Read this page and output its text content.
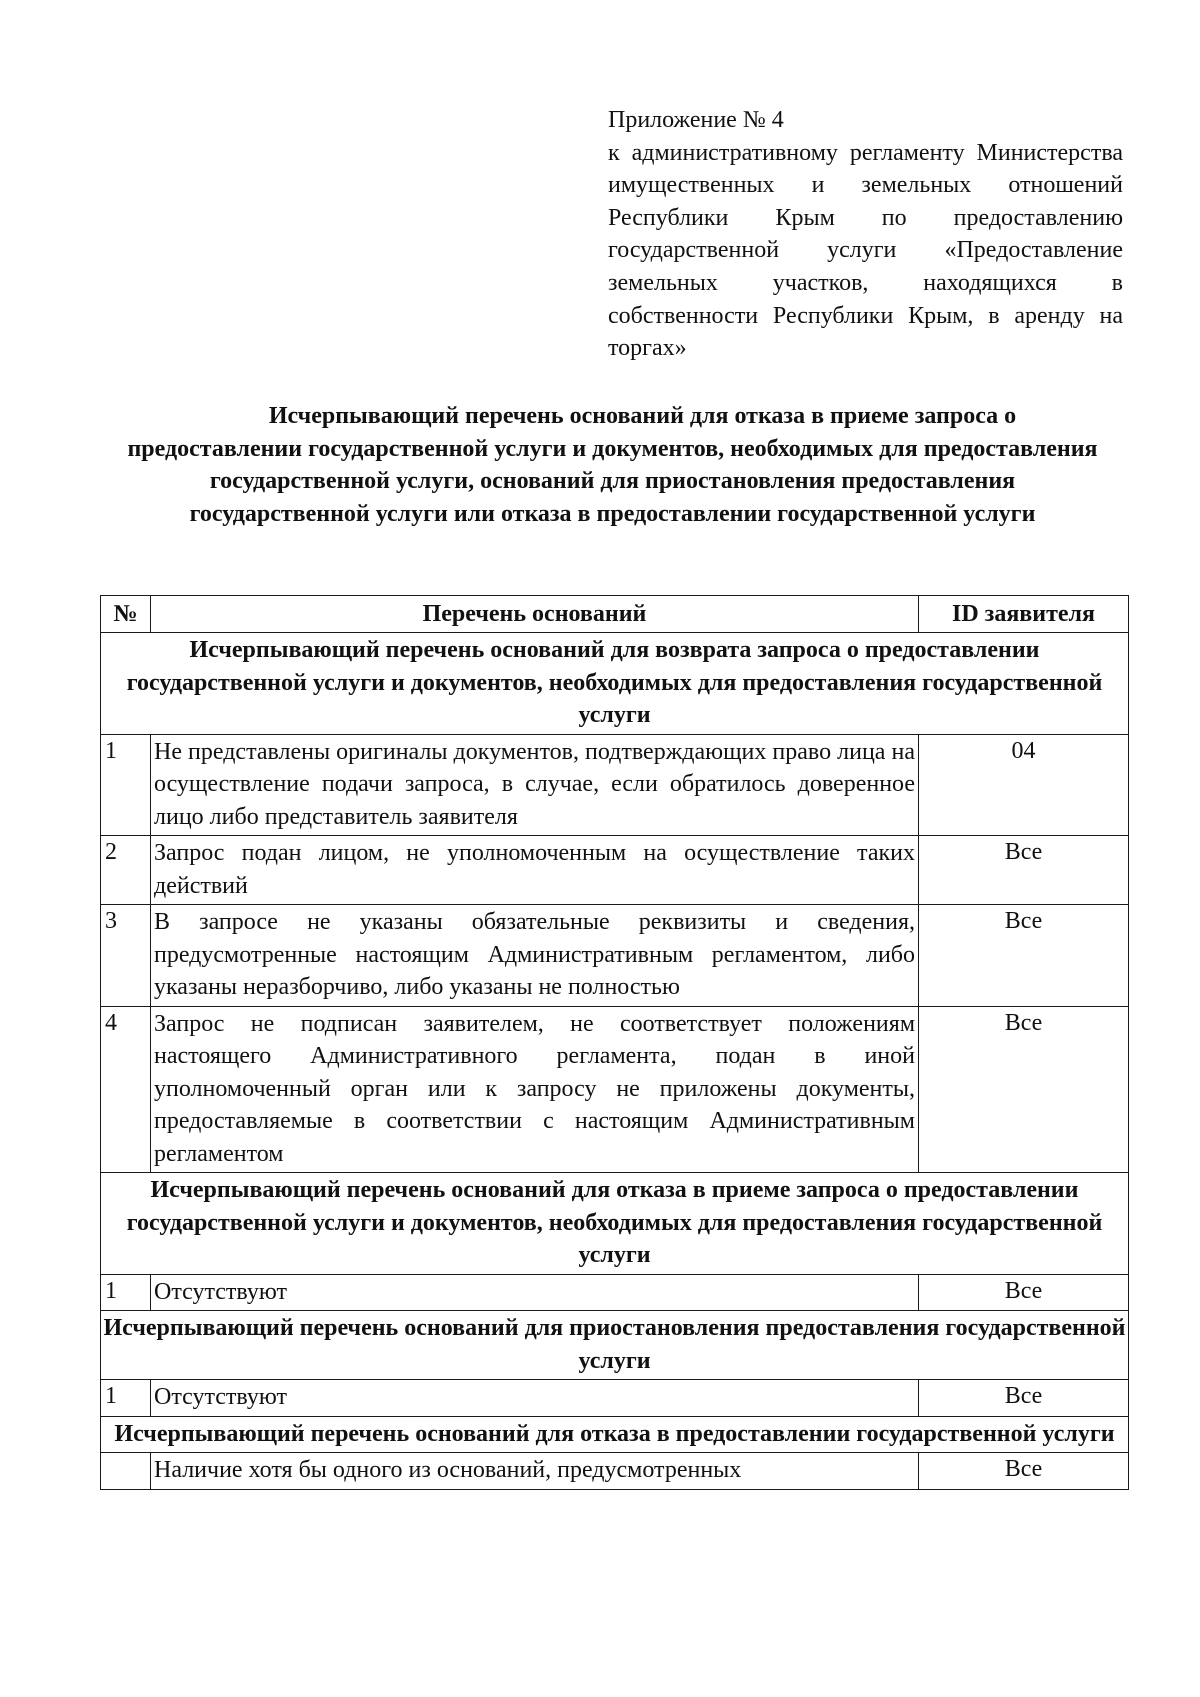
Приложение № 4
к административному регламенту Министерства имущественных и земельных отношений Республики Крым по предоставлению государственной услуги «Предоставление земельных участков, находящихся в собственности Республики Крым, в аренду на торгах»
Исчерпывающий перечень оснований для отказа в приеме запроса о предоставлении государственной услуги и документов, необходимых для предоставления государственной услуги, оснований для приостановления предоставления государственной услуги или отказа в предоставлении государственной услуги
№	Перечень оснований	ID заявителя
Исчерпывающий перечень оснований для возврата запроса о предоставлении государственной услуги и документов, необходимых для предоставления государственной услуги		
1	Не представлены оригиналы документов, подтверждающих право лица на осуществление подачи запроса, в случае, если обратилось доверенное лицо либо представитель заявителя	04
2	Запрос подан лицом, не уполномоченным на осуществление таких действий	Все
3	В запросе не указаны обязательные реквизиты и сведения, предусмотренные настоящим Административным регламентом, либо указаны неразборчиво, либо указаны не полностью	Все
4	Запрос не подписан заявителем, не соответствует положениям настоящего Административного регламента, подан в иной уполномоченный орган или к запросу не приложены документы, предоставляемые в соответствии с настоящим Административным регламентом	Все
Исчерпывающий перечень оснований для отказа в приеме запроса о предоставлении государственной услуги и документов, необходимых для предоставления государственной услуги		
1	Отсутствуют	Все
Исчерпывающий перечень оснований для приостановления предоставления государственной услуги		
1	Отсутствуют	Все
Исчерпывающий перечень оснований для отказа в предоставлении государственной услуги		
	Наличие хотя бы одного из оснований, предусмотренных	Все
